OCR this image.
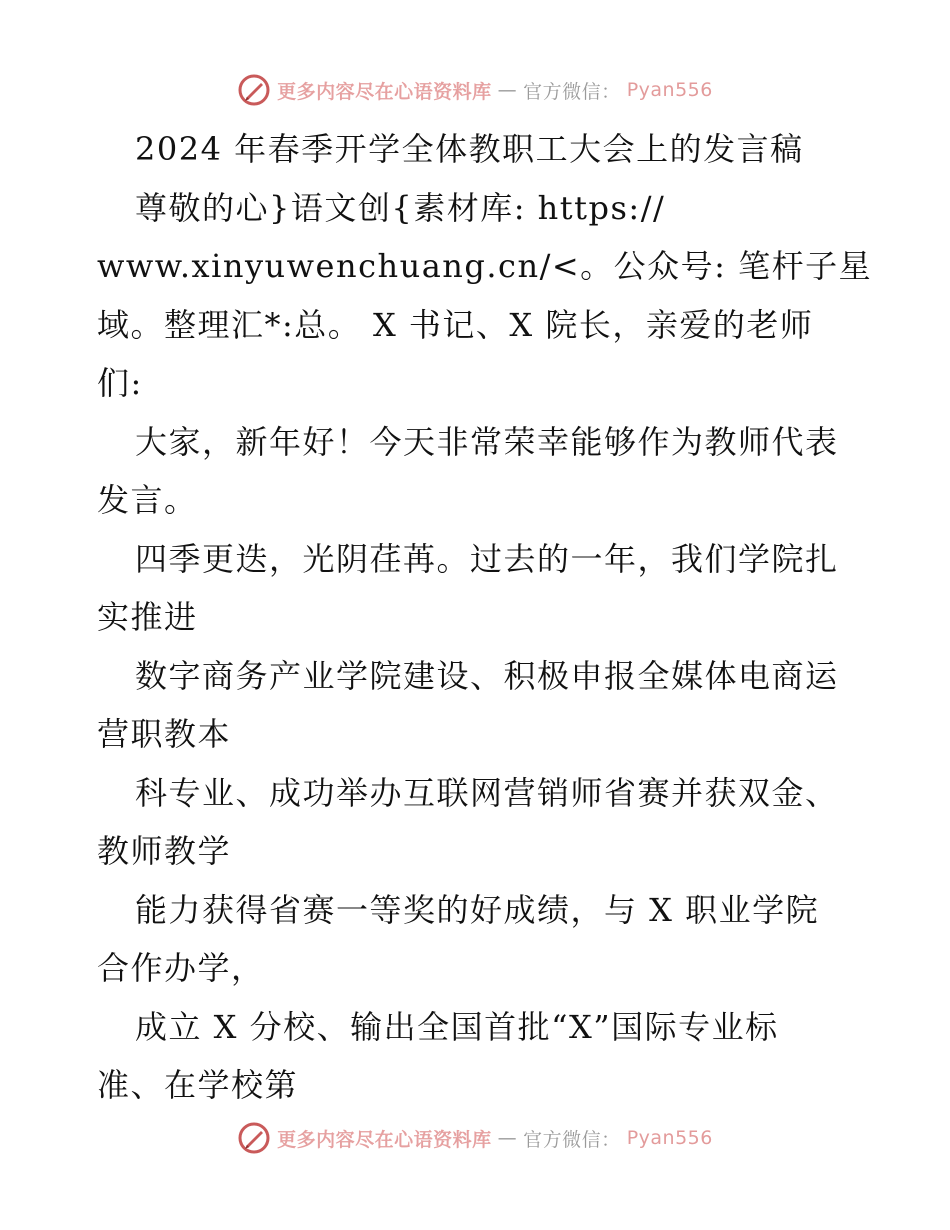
更多内容尽在心语资料库 — 官方微信： Pyan556
2024 年春季开学全体教职工大会上的发言稿
尊敬的心}语文创{素材库: https://
www.xinyuwenchuang.cn/<。公众号: 笔杆子星
域。整理汇*:总。 X 书记、X 院长，亲爱的老师
们:
大家，新年好！今天非常荣幸能够作为教师代表
发言。
四季更迭，光阴荏苒。过去的一年，我们学院扎
实推进
数字商务产业学院建设、积极申报全媒体电商运
营职教本
科专业、成功举办互联网营销师省赛并获双金、
教师教学
能力获得省赛一等奖的好成绩，与 X 职业学院
合作办学，
成立 X 分校、输出全国首批“X”国际专业标
准、在学校第
更多内容尽在心语资料库 — 官方微信： Pyan556
